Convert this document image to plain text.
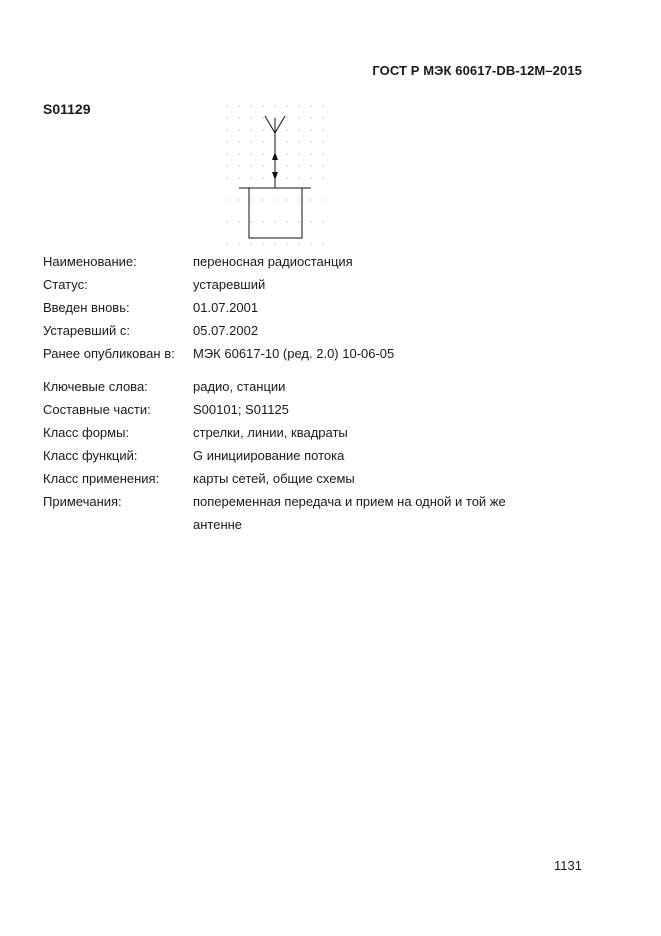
ГОСТ Р МЭК 60617-DB-12M–2015
S01129
Наименование:	переносная радиостанция
Статус:	устаревший
Введен вновь:	01.07.2001
Устаревший с:	05.07.2002
Ранее опубликован в:	МЭК 60617-10 (ред. 2.0) 10-06-05
Ключевые слова:	радио, станции
Составные части:	S00101; S01125
Класс формы:	стрелки, линии, квадраты
Класс функций:	G инициирование потока
Класс применения:	карты сетей, общие схемы
Примечания:	попеременная передача и прием на одной и той же
антенне
1131
